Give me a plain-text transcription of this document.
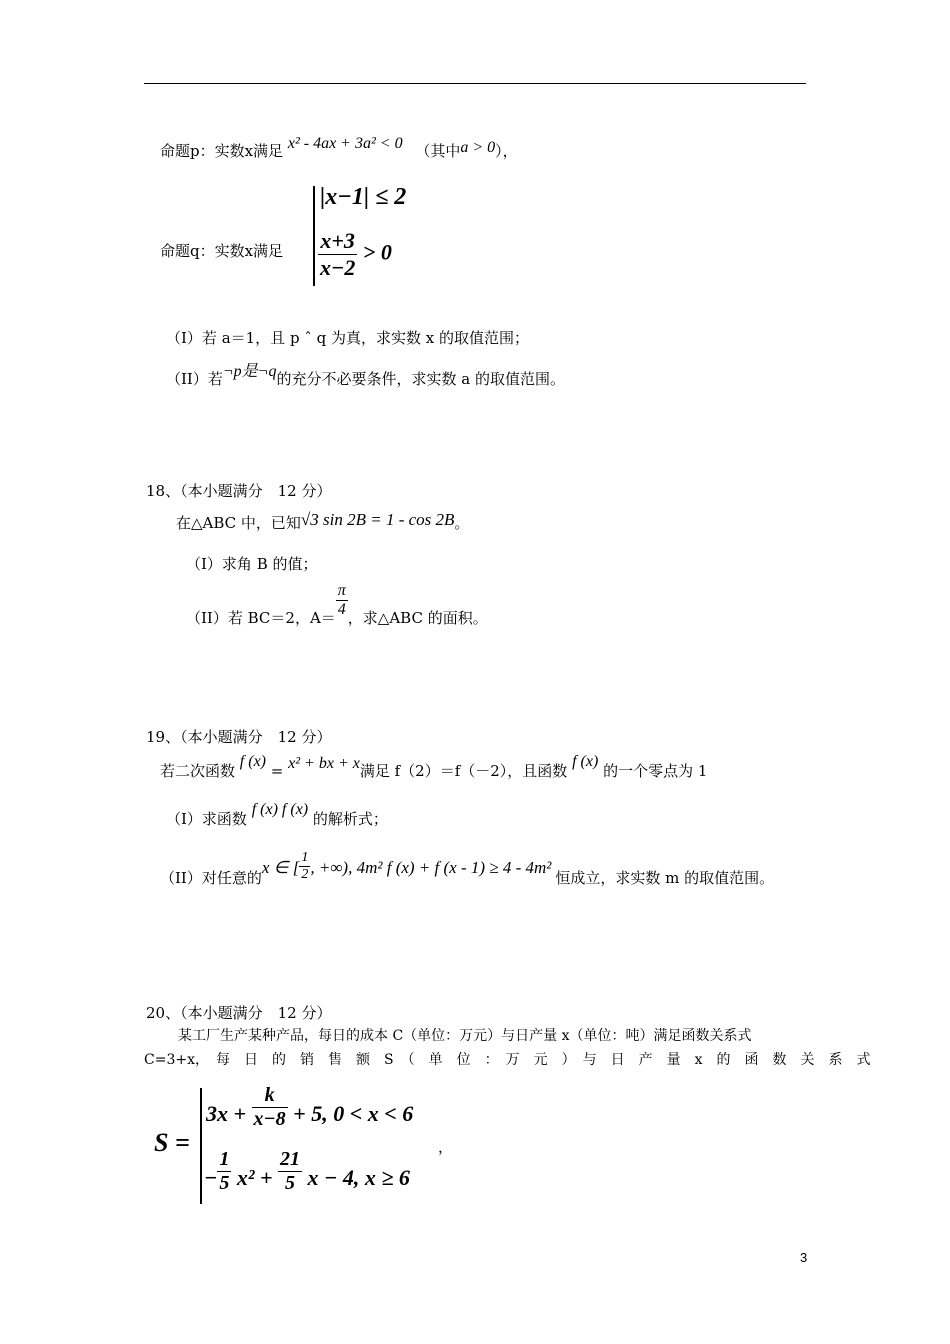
命题p：实数x满足 x² - 4ax + 3a² < 0 （其中a > 0），
命题q：实数x满足
|x−1| ≤ 2
$\frac{x+3}{x-2} > 0$
（I）若 a＝1，且 p ˆ q 为真，求实数 x 的取值范围；
（II）若¬p是¬q的充分不必要条件，求实数 a 的取值范围。
18、（本小题满分　12 分）
在△ABC 中，已知√3 sin 2B = 1 - cos 2B。
（I）求角 B 的值；
（II）若 BC＝2，$A= \frac{\pi}{4}$ ，求△ABC 的面积。
19、（本小题满分　12 分）
若二次函数 f (x) = x² + bx + x满足 f（2）＝f（－2），且函数 f (x) 的一个零点为 1
（I）求函数 f (x) f (x) 的解析式；
（II）对任意的x ∈ [ $\frac{1}{2}$ , +∞), 4m² f (x) + f (x - 1) ≥ 4 - 4m²恒成立，求实数 m 的取值范围。
20、（本小题满分　12 分）
某工厂生产某种产品，每日的成本 C（单位：万元）与日产量 x（单位：吨）满足函数关系式
C=3+x，　每　日　的　销　售　额　S　（　单　位　：　万　元　）　与　日　产　量　x　的　函　数　关　系　式
S =
$3x + \frac{k}{x-8} + 5$, 0 < x < 6
− $\frac{1}{5} x^2 + \frac{21}{5}$ x − 4, x ≥ 6
，
3
